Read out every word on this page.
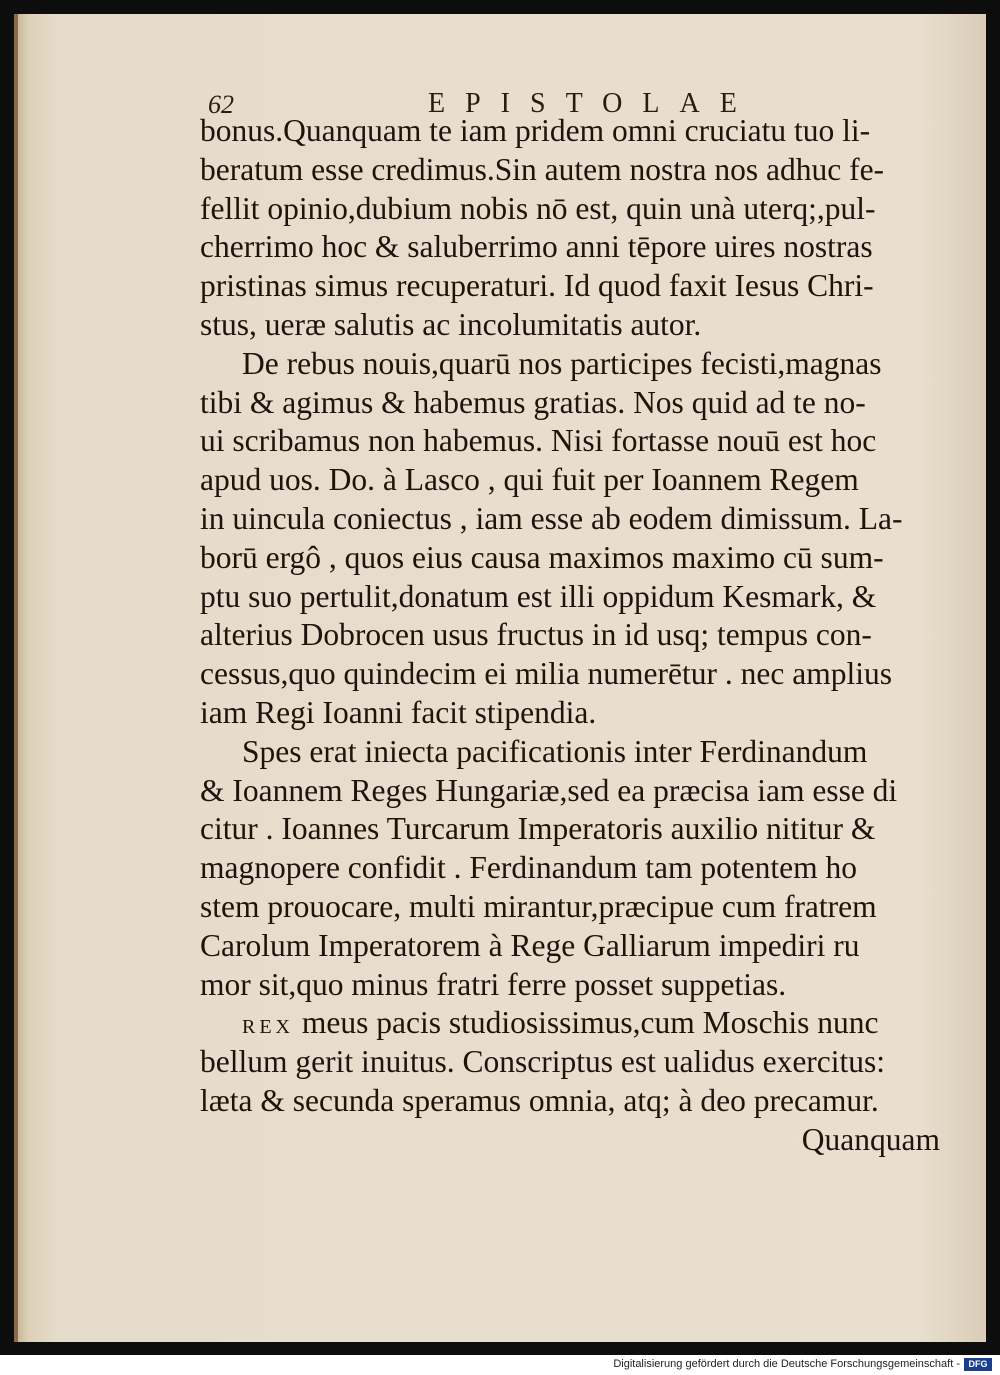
62	EPISTOLAE
bonus.Quanquam te iam pridem omni cruciatu tuo li-
beratum esse credimus.Sin autem nostra nos adhuc fe-
fellit opinio,dubium nobis nō est, quin unà uterq;,pul-
cherrimo hoc & saluberrimo anni tēpore uires nostras
pristinas simus recuperaturi. Id quod faxit Iesus Chri-
stus, ueræ salutis ac incolumitatis autor.
De rebus nouis,quarū nos participes fecisti,magnas
tibi & agimus & habemus gratias. Nos quid ad te no-
ui scribamus non habemus. Nisi fortasse nouū est hoc
apud uos. Do. à Lasco , qui fuit per Ioannem Regem
in uincula coniectus , iam esse ab eodem dimissum. La-
borū ergô , quos eius causa maximos maximo cū sum-
ptu suo pertulit,donatum est illi oppidum Kesmark, &
alterius Dobrocen usus fructus in id usq; tempus con-
cessus,quo quindecim ei milia numerētur . nec amplius
iam Regi Ioanni facit stipendia.
Spes erat iniecta pacificationis inter Ferdinandum
& Ioannem Reges Hungariæ,sed ea præcisa iam esse di
citur . Ioannes Turcarum Imperatoris auxilio nititur &
magnopere confidit . Ferdinandum tam potentem ho
stem prouocare, multi mirantur,præcipue cum fratrem
Carolum Imperatorem à Rege Galliarum impediri ru
mor sit,quo minus fratri ferre posset suppetias.
REX meus pacis studiosissimus,cum Moschis nunc
bellum gerit inuitus. Conscriptus est ualidus exercitus:
læta & secunda speramus omnia, atq; à deo precamur.
Quanquam
Digitalisierung gefördert durch die Deutsche Forschungsgemeinschaft - DFG
